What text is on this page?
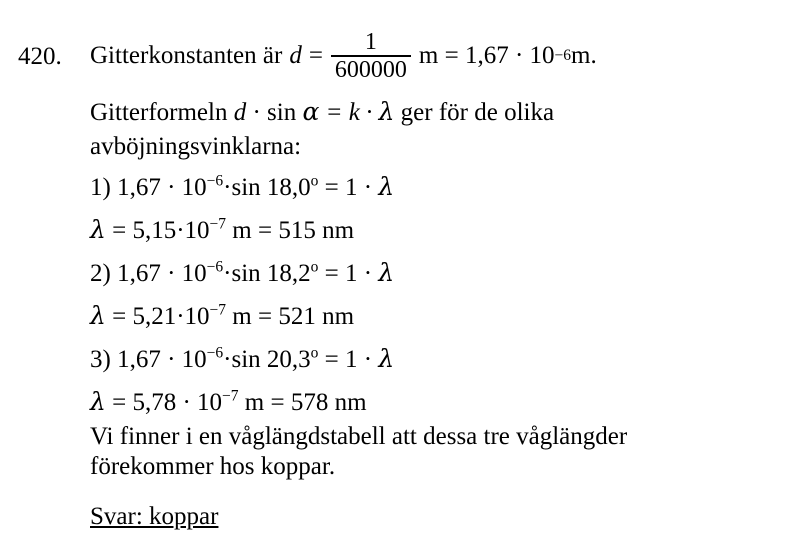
420.	Gitterkonstanten är $d = \frac{1}{600000}$ m = 1,67 · 10 −6 m.
Gitterformeln d · sin α = k · λ ger för de olika
avböjningsvinklarna:
1) $1,67 \cdot 10^{-6}\cdot\sin$ $18,0^o = 1 \cdot \lambda$
$\lambda = 5,15\cdot 10^{-7}$ m = 515 nm
2) $1,67 \cdot 10^{-6}\cdot\sin$ $18,2^o = 1 \cdot \lambda$
$\lambda = 5,21\cdot 10^{-7}$ m = 521 nm
3) $1,67 \cdot 10^{-6}\cdot\sin$ $20,3^o = 1 \cdot \lambda$
$\lambda = 5,78 \cdot 10^{-7}$ m = 578 nm
Vi finner i en våglängdstabell att dessa tre våglängder
förekommer hos koppar.
Svar: koppar
